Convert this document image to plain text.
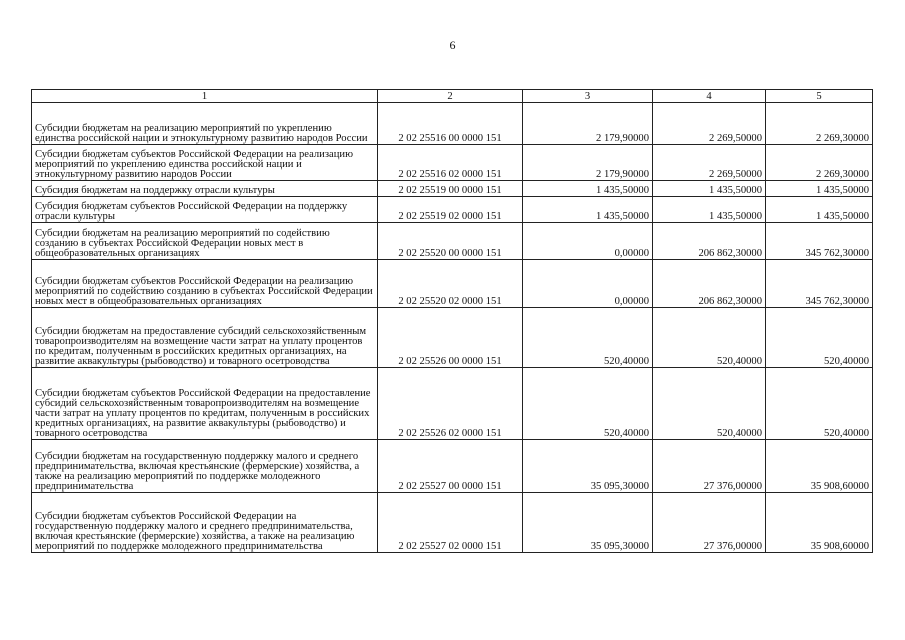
6
1	2	3	4	5
Субсидии бюджетам на реализацию мероприятий по укреплению единства российской нации и этнокультурному развитию народов России	2 02 25516 00 0000 151	2 179,90000	2 269,50000	2 269,30000
Субсидии бюджетам субъектов Российской Федерации на реализацию мероприятий по укреплению единства российской нации и этнокультурному развитию народов России	2 02 25516 02 0000 151	2 179,90000	2 269,50000	2 269,30000
Субсидия бюджетам на поддержку отрасли культуры	2 02 25519 00 0000 151	1 435,50000	1 435,50000	1 435,50000
Субсидия бюджетам субъектов Российской Федерации на поддержку отрасли культуры	2 02 25519 02 0000 151	1 435,50000	1 435,50000	1 435,50000
Субсидии бюджетам на реализацию мероприятий по содействию созданию в субъектах Российской Федерации новых мест в общеобразовательных организациях	2 02 25520 00 0000 151	0,00000	206 862,30000	345 762,30000
Субсидии бюджетам субъектов Российской Федерации на реализацию мероприятий по содействию созданию в субъектах Российской Федерации новых мест в общеобразовательных организациях	2 02 25520 02 0000 151	0,00000	206 862,30000	345 762,30000
Субсидии бюджетам на предоставление субсидий сельскохозяйственным товаропроизводителям на возмещение части затрат на уплату процентов по кредитам, полученным в российских кредитных организациях, на развитие аквакультуры (рыбоводство) и товарного осетроводства	2 02 25526 00 0000 151	520,40000	520,40000	520,40000
Субсидии бюджетам субъектов Российской Федерации на предоставление субсидий сельскохозяйственным товаропроизводителям на возмещение части затрат на уплату процентов по кредитам, полученным в российских кредитных организациях, на развитие аквакультуры (рыбоводство) и товарного осетроводства	2 02 25526 02 0000 151	520,40000	520,40000	520,40000
Субсидии бюджетам на государственную поддержку малого и среднего предпринимательства, включая крестьянские (фермерские) хозяйства, а также на реализацию мероприятий по поддержке молодежного предпринимательства	2 02 25527 00 0000 151	35 095,30000	27 376,00000	35 908,60000
Субсидии бюджетам субъектов Российской Федерации на государственную поддержку малого и среднего предпринимательства, включая крестьянские (фермерские) хозяйства, а также на реализацию мероприятий по поддержке молодежного предпринимательства	2 02 25527 02 0000 151	35 095,30000	27 376,00000	35 908,60000
